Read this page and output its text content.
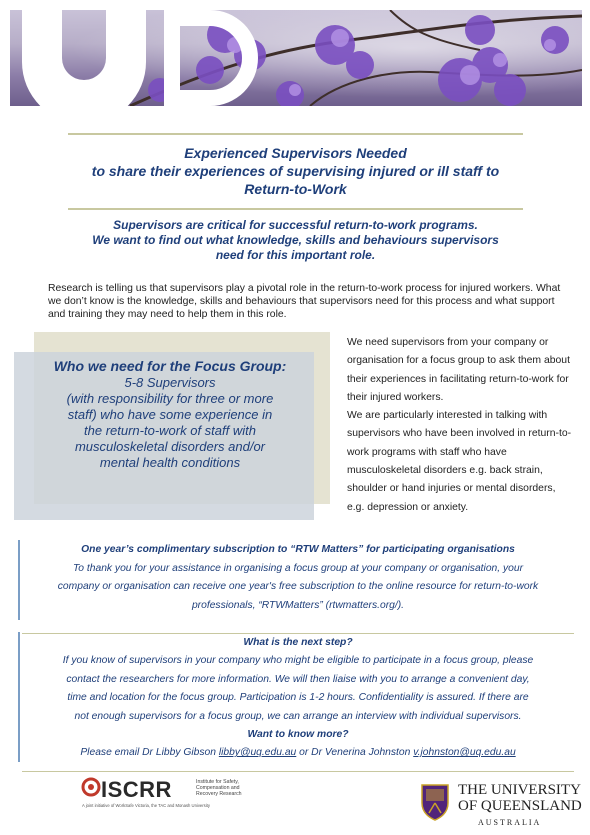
Experienced Supervisors Needed
to share their experiences of supervising injured or ill staff to
Return-to-Work
Supervisors are critical for successful return-to-work programs.
We want to find out what knowledge, skills and behaviours supervisors
need for this important role.
Research is telling us that supervisors play a pivotal role in the return-to-work process for injured workers. What we don’t know is the knowledge, skills and behaviours that supervisors need for this process and what support and training they may need to help them in this role.
Who we need for the Focus Group:
5-8 Supervisors
(with responsibility for three or more
staff) who have some experience in
the return-to-work of staff with
musculoskeletal disorders and/or
mental health conditions
We need supervisors from your company or organisation for a focus group to ask them about their experiences in facilitating return-to-work for their injured workers.
We are particularly interested in talking with supervisors who have been involved in return-to-work programs with staff who have musculoskeletal disorders e.g. back strain, shoulder or hand injuries or mental disorders, e.g. depression or anxiety.
One year’s complimentary subscription to “RTW Matters” for participating organisations
To thank you for your assistance in organising a focus group at your company or organisation, your
company or organisation can receive one year's free subscription to the online resource for return-to-work
professionals, “RTWMatters” (rtwmatters.org/).
What is the next step?
If you know of supervisors in your company who might be eligible to participate in a focus group, please
contact the researchers for more information. We will then liaise with you to arrange a convenient day,
time and location for the focus group. Participation is 1-2 hours. Confidentiality is assured. If there are
not enough supervisors for a focus group, we can arrange an interview with individual supervisors.
Want to know more?
Please email Dr Libby Gibson libby@uq.edu.au or Dr Venerina Johnston v.johnston@uq.edu.au
ISCRR	Institute for Safety, Compensation and Recovery Research
A joint initiative of WorkSafe Victoria, the TAC and Monash University
THE UNIVERSITY
OF QUEENSLAND
AUSTRALIA
